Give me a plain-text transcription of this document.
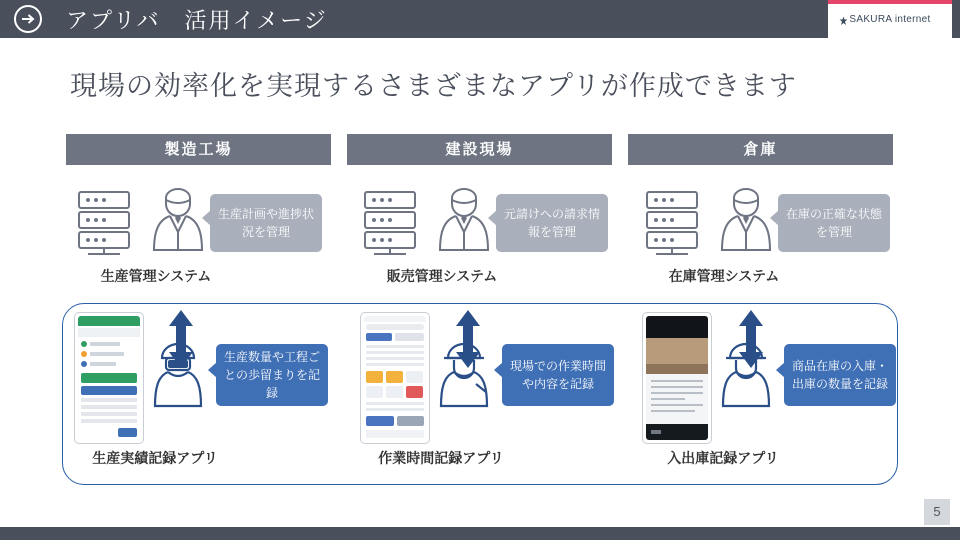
アプリバ　活用イメージ	SAKURA internet
現場の効率化を実現するさまざまなアプリが作成できます
製造工場	建設現場	倉庫
生産計画や進捗状況を管理
生産管理システム
元請けへの請求情報を管理
販売管理システム
在庫の正確な状態を管理
在庫管理システム
生産数量や工程ごとの歩留まりを記録
生産実績記録アプリ
現場での作業時間や内容を記録
作業時間記録アプリ
商品在庫の入庫・出庫の数量を記録
入出庫記録アプリ
5
